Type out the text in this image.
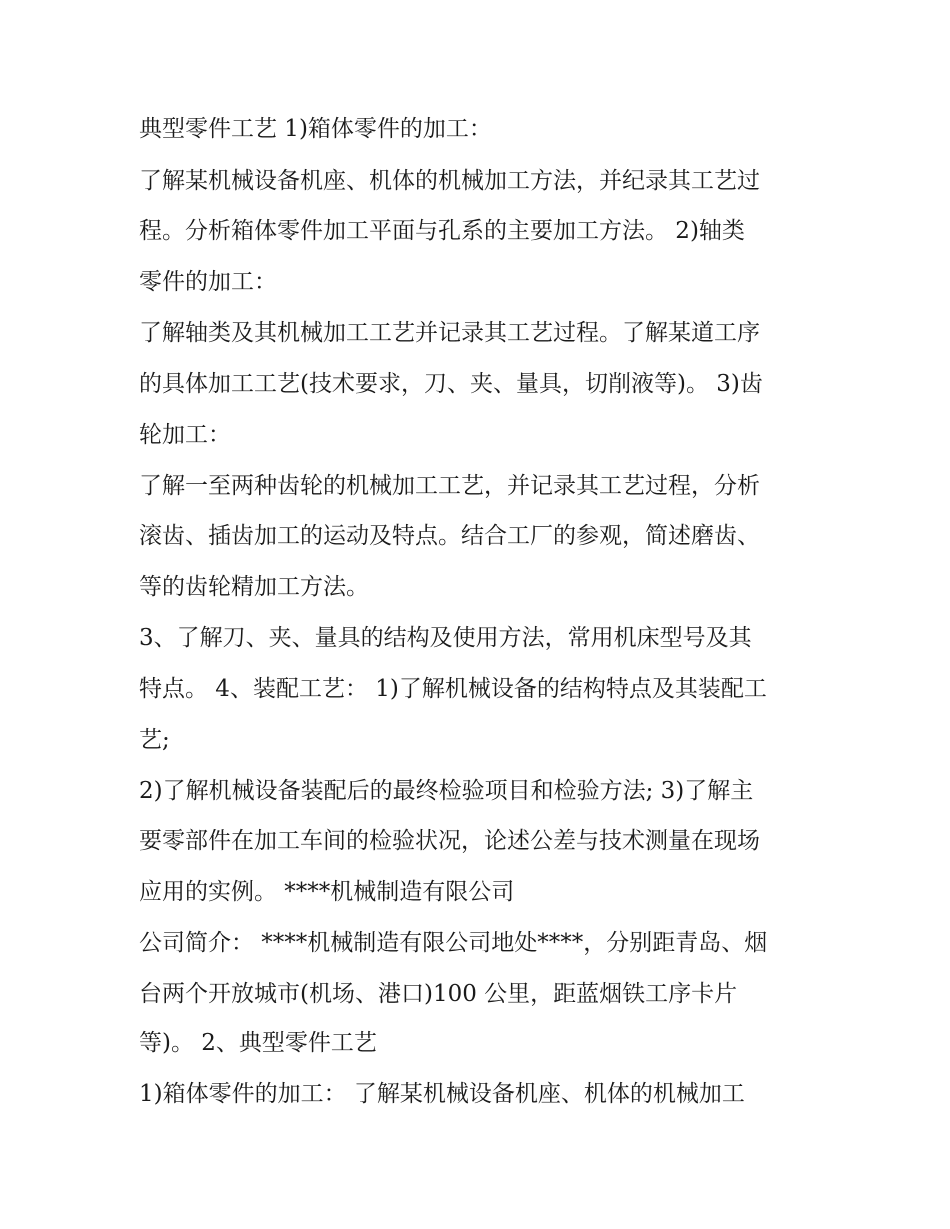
典型零件工艺 1)箱体零件的加工：

了解某机械设备机座、机体的机械加工方法，并纪录其工艺过

程。分析箱体零件加工平面与孔系的主要加工方法。 2)轴类

零件的加工：

了解轴类及其机械加工工艺并记录其工艺过程。了解某道工序

的具体加工工艺(技术要求，刀、夹、量具，切削液等)。 3)齿

轮加工：

了解一至两种齿轮的机械加工工艺，并记录其工艺过程，分析

滚齿、插齿加工的运动及特点。结合工厂的参观，简述磨齿、

等的齿轮精加工方法。

3、了解刀、夹、量具的结构及使用方法，常用机床型号及其

特点。 4、装配工艺： 1)了解机械设备的结构特点及其装配工

艺;

2)了解机械设备装配后的最终检验项目和检验方法; 3)了解主

要零部件在加工车间的检验状况，论述公差与技术测量在现场

应用的实例。 ****机械制造有限公司

公司简介： ****机械制造有限公司地处****，分别距青岛、烟

台两个开放城市(机场、港口)100 公里，距蓝烟铁工序卡片

等)。 2、典型零件工艺

1)箱体零件的加工： 了解某机械设备机座、机体的机械加工
